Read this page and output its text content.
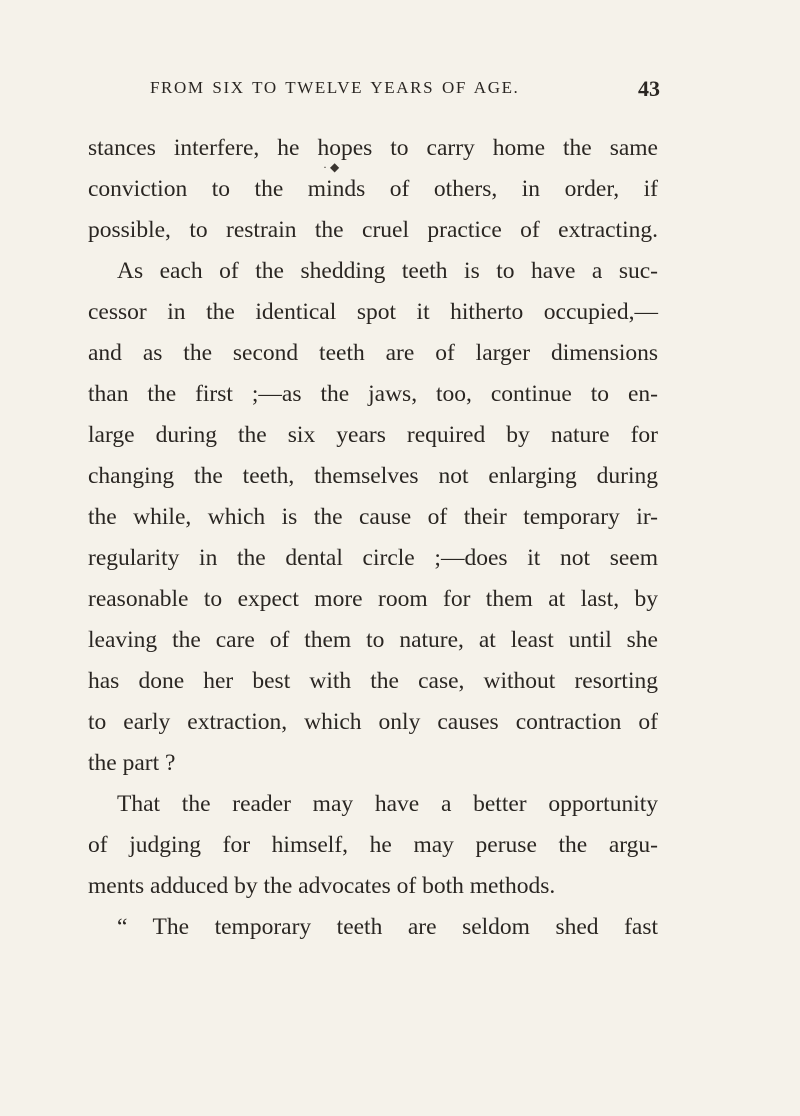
FROM SIX TO TWELVE YEARS OF AGE.	43
· ◆
stances interfere, he hopes to carry home the same
conviction to the minds of others, in order, if
possible, to restrain the cruel practice of extracting.
As each of the shedding teeth is to have a suc-
cessor in the identical spot it hitherto occupied,—
and as the second teeth are of larger dimensions
than the first ;—as the jaws, too, continue to en-
large during the six years required by nature for
changing the teeth, themselves not enlarging during
the while, which is the cause of their temporary ir-
regularity in the dental circle ;—does it not seem
reasonable to expect more room for them at last, by
leaving the care of them to nature, at least until she
has done her best with the case, without resorting
to early extraction, which only causes contraction of
the part ?
That the reader may have a better opportunity
of judging for himself, he may peruse the argu-
ments adduced by the advocates of both methods.
“ The temporary teeth are seldom shed fast
